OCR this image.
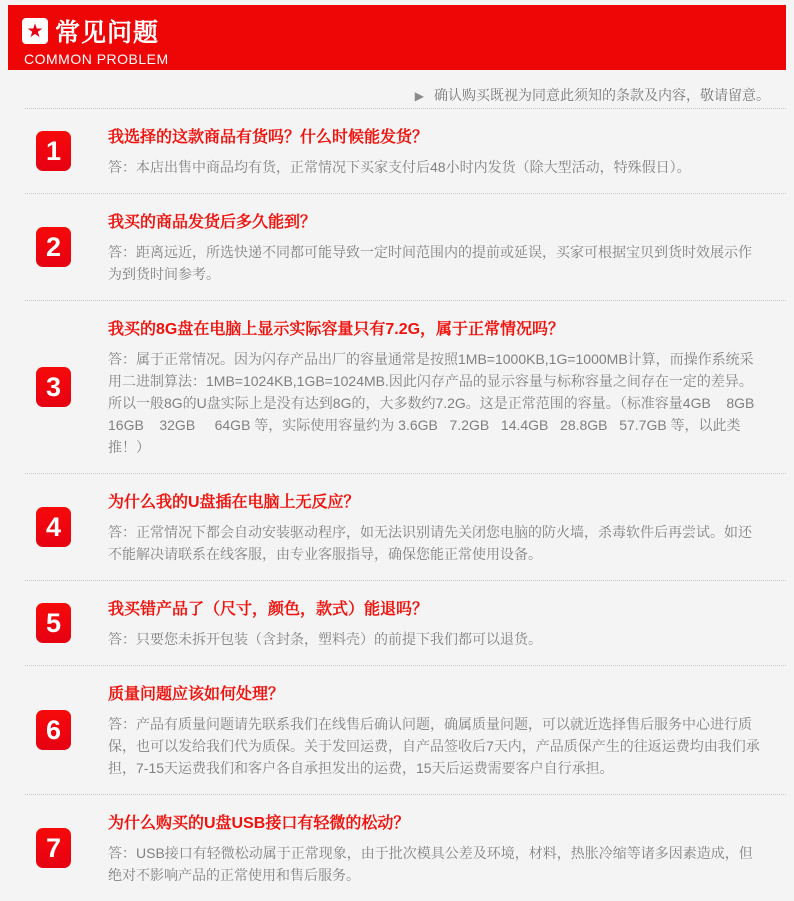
★ 常见问题
COMMON PROBLEM
▶ 确认购买既视为同意此须知的条款及内容，敬请留意。
1	我选择的这款商品有货吗？什么时候能发货？
答：本店出售中商品均有货，正常情况下买家支付后48小时内发货（除大型活动，特殊假日）。
2
我买的商品发货后多久能到？
答：距离远近，所选快递不同都可能导致一定时间范围内的提前或延误，买家可根据宝贝到货时效展示作为到货时间参考。
3
我买的8G盘在电脑上显示实际容量只有7.2G，属于正常情况吗？
答：属于正常情况。因为闪存产品出厂的容量通常是按照1MB=1000KB,1G=1000MB计算，而操作系统采用二进制算法：1MB=1024KB,1GB=1024MB.因此闪存产品的显示容量与标称容量之间存在一定的差异。所以一般8G的U盘实际上是没有达到8G的，大多数约7.2G。这是正常范围的容量。（标准容量4GB    8GB    16GB    32GB     64GB 等，实际使用容量约为 3.6GB   7.2GB   14.4GB   28.8GB   57.7GB 等，以此类推！）
4
为什么我的U盘插在电脑上无反应？
答：正常情况下都会自动安装驱动程序，如无法识别请先关闭您电脑的防火墙，杀毒软件后再尝试。如还不能解决请联系在线客服，由专业客服指导，确保您能正常使用设备。
5	我买错产品了（尺寸，颜色，款式）能退吗？
答：只要您未拆开包装（含封条，塑料壳）的前提下我们都可以退货。
6
质量问题应该如何处理？
答：产品有质量问题请先联系我们在线售后确认问题，确属质量问题，可以就近选择售后服务中心进行质保，也可以发给我们代为质保。关于发回运费，自产品签收后7天内，产品质保产生的往返运费均由我们承担，7-15天运费我们和客户各自承担发出的运费，15天后运费需要客户自行承担。
7
为什么购买的U盘USB接口有轻微的松动？
答：USB接口有轻微松动属于正常现象，由于批次模具公差及环境，材料，热胀冷缩等诸多因素造成，但绝对不影响产品的正常使用和售后服务。
